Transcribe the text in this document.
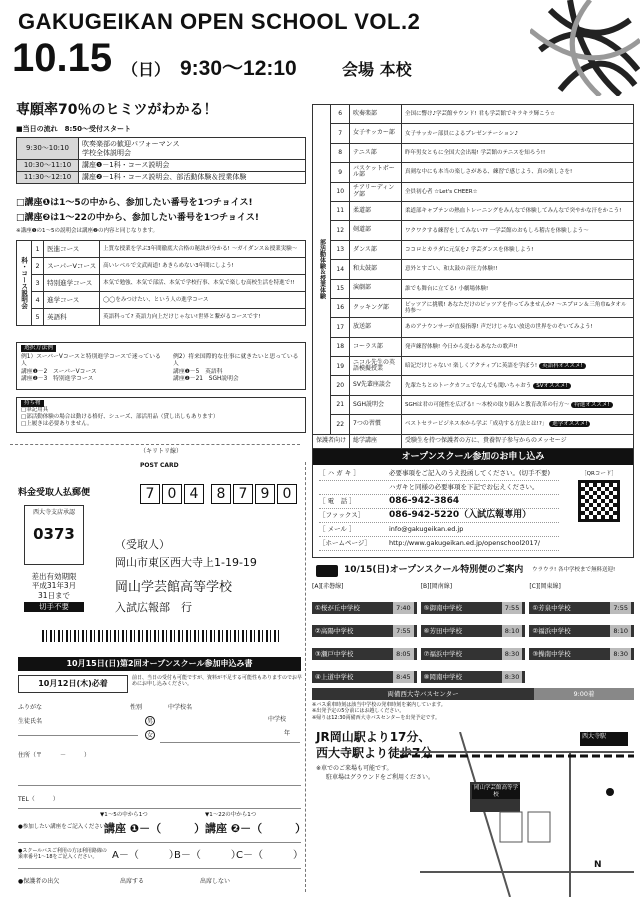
GAKUGEIKAN OPEN SCHOOL VOL.2
10.15 （日） 9:30～12:10	会場 本校
専願率70％のヒミツがわかる！
■当日の流れ　8:50～受付スタート
9:30～10:10	吹奏楽部の歓迎パフォーマンス
学校全体説明会

10:30～11:10	講座❶－1科・コース説明会
11:30～12:10	講座❷－1科・コース説明会、部活動体験＆授業体験
□講座❶は1～5の中から、参加したい番号を1つチョイス!
□講座❷は1～22の中から、参加したい番号を1つチョイス!
※講座❶の1～5の説明会は講座❷の内容と同じなります。
科・コース説明会	1	医進コース	上質な授業を学ぶ3年間徹底大合格の秘訣が分かる! ～ガイダンス＆授業実験～
	2	スーパーVコース	高いレベルで文武両道! あきらめない3年間にしよう!
	3	特別進学コース	本気で勉強、本気で部活、本気で学校行事、本気で楽しむ高校生活を特進で!!
	4	進学コース	◯◯をみつけたい、という人の進学コース
	5	英語科	英語科って? 英語力向上だけじゃない!世界と繋がるコースです!
選択方法例
例1）スーパーVコースと特別進学コースで迷っている人
講座❶－2　スーパーVコース
講座❷－3　特別進学コース
例2）将来国際的な仕事に就きたいと思っている人
講座❶－5　英語科
講座❷－21　SGH説明会
持ち物
□筆記用具
□部活動体験の場合は動ける格好、シューズ、部活用品（貸し出しもあります）
□上履きは必要ありません。
部活動体験＆授業体験	6	吹奏楽部	全国に響け♪学芸館サウンド! 君も学芸館でキラキラ輝こう☆
	7	女子サッカー部	女子サッカー部員によるプレゼンテーション♪
	8	テニス部	昨年男女ともに全国大会出場! 学芸館のテニスを知ろう!!
	9	バスケットボール部	真剣な中にも本当の楽しさがある、練習で感じよう、真の楽しさを!
	10	チアリーディング部	全員初心者 ☆Let's CHEER☆
	11	柔道部	柔道部キャプテンの熱血トレーニングをみんなで体験してみんなで突やかな汗をかこう!
	12	剣道部	ワクワクする練習をしてみない?? 一学芸館のおもしろ稽古を体験しよう～
	13	ダンス部	ココロとカラダに元気を♪ 学芸ダンスを体験しよう!
	14	和太鼓部	意外とすごい、和太鼓の音圧力体験!!
	15	演劇部	誰でも舞台に立てる! 小劇場体験!
	16	クッキング部	ピッツアに挑戦! あなただけのピッツアを作ってみませんか? ～エプロン＆三角巾&タオル持参～
	17	放送部	あのアナウンサーが直接指導! 声だけじゃない放送の世界をのぞいてみよう!
	18	コーラス部	発声練習体験! 今日から変わるあなたの歌声!!
	19	ニコル先生の英語模擬授業	暗記だけじゃない! 楽しくアクティブに英語を学ぼう! 英語科オススメ!
	20	SV先輩座談会	先輩たちとのトークカフェでなんでも聞いちゃおう SVオススメ!
	21	SGH説明会	SGHは君の可能性を広げる! ～本校の取り組みと教育改革の行方～ 特進オススメ!
	22	7つの習慣	ベストセラービジネス本から学ぶ「成功する方法とは!?」 進学オススメ!
保護者向け		総学講座	受験生を持つ保護者の方に、貴養智子参与からのメッセージ
（キリトリ線）
料金受取人払郵便
西大寺支店承認
0373
差出有効期限
平成31年3月
31日まで
切手不要
POST CARD
7 0 4	8 7 9 0
（受取人）
岡山市東区西大寺上1-19-19
岡山学芸館高等学校
入試広報部　行
10月15日(日)第2回オープンスクール参加申込み書
10月12日(木)必着
前日、当日の受付も可能ですが、資料が不足する可能性もありますのでお早めにお申し込みください。
ふりがな
生徒氏名
性別
男
女
中学校名
中学校
年
住所（〒　　　－　　　）
TEL（　　　）
▼1～5の中から1つ	▼1～22の中から1つ
●参加したい講座をご記入ください
講座 ❶－（　　　） 講座 ❷－（　　　）
●スクールバスご利用の方は利用路線の乗車番号1～18をご記入ください。	A－（　　　）
B－（　　　）
C－（　　　）
●保護者の出欠	出席する	出席しない
オープンスクール参加のお申し込み
［ ハ ガ キ ］	必要事項をご記入のうえ投函してください。(切手不要)
ハガキと同様の必要事項を下記でお伝えください。
［ 電　話 ］	086-942-3864
［ファックス］	086-942-5220（入試広報専用）
［ メール ］	info@gakugeikan.ed.jp
［ホームページ］	http://www.gakugeikan.ed.jp/openschool2017/
［QRコード］
10/15(日)オープンスクール特別便のご案内 ウラウラ! 各中学校まで無料送迎!
[A][赤磐線]
①桜が丘中学校	7:40
②高陽中学校	7:55
③瀬戸中学校	8:05
④上道中学校	8:45
[B][岡南線]
⑤御南中学校	7:55
⑥芳田中学校	8:10
⑦福浜中学校	8:30
⑧岡南中学校	8:30
[C][岡東線]
①芳泉中学校	7:55
②福浜中学校	8:10
③操南中学校	8:30
両備西大寺バスセンター	9:00着
※バス乗車時刻は該当中学校の発車時刻を案内しています。
※出発予定の5分前にはお越しください。
※帰りは12:30両備西大寺バスセンターを出発予定です。
JR岡山駅より17分、
西大寺駅より徒歩7分
※車でのご来場も可能です。
駐車場はグラウンドをご利用ください。
岡山学芸館高等学校
西大寺駅
N
